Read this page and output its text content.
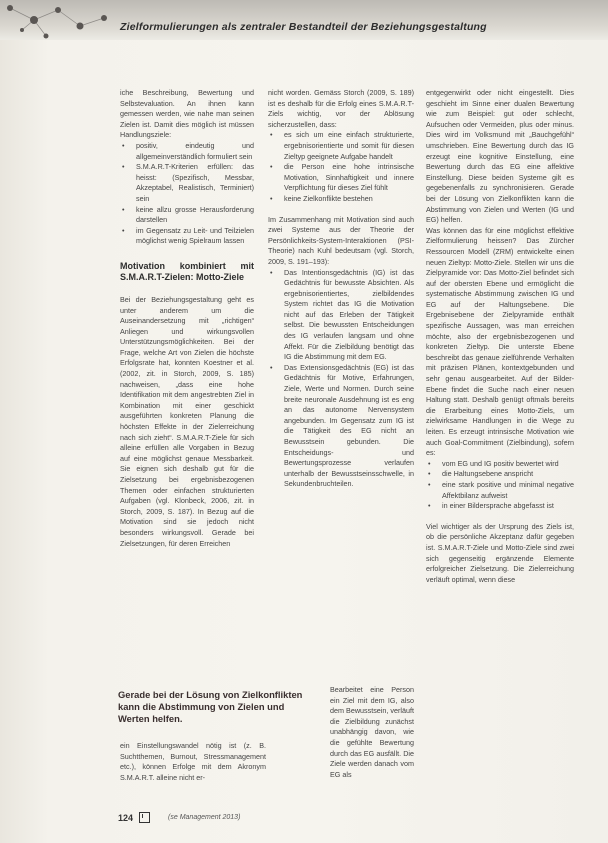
Zielformulierungen als zentraler Bestandteil der Beziehungsgestaltung

iche Beschreibung, Bewertung und Selbstevaluation. An ihnen kann gemessen werden, wie nahe man seinen Zielen ist. Damit dies möglich ist müssen Handlungsziele:

• positiv, eindeutig und allgemeinverständlich formuliert sein
• S.M.A.R.T-Kriterien erfüllen: das heisst: (Spezifisch, Messbar, Akzeptabel, Realistisch, Terminiert) sein
• keine allzu grosse Herausforderung darstellen
• im Gegensatz zu Leit- und Teilzielen möglichst wenig Spielraum lassen
Motivation kombiniert mit S.M.A.R.T-Zielen: Motto-Ziele

Bei der Beziehungsgestaltung geht es unter anderem um die Auseinandersetzung mit „richtigen“ Anliegen und wirkungsvollen Unterstützungsmöglichkeiten. Bei der Frage, welche Art von Zielen die höchste Erfolgsrate hat, konnten Koestner et al. (2002, zit. in Storch, 2009, S. 185) nachweisen, „dass eine hohe Identifikation mit dem angestrebten Ziel in Kombination mit einer geschickt ausgeführten konkreten Planung die höchsten Effekte in der Zielerreichung nach sich zieht“. S.M.A.R.T-Ziele für sich alleine erfüllen alle Vorgaben in Bezug auf eine möglichst genaue Messbarkeit. Sie eignen sich deshalb gut für die Zielsetzung bei ergebnisbezogenen Themen oder einfachen strukturierten Aufgaben (vgl. Klonbeck, 2006, zit. in Storch, 2009, S. 187). In Bezug auf die Motivation sind sie jedoch nicht besonders wirkungsvoll. Gerade bei Zielsetzungen, für deren Erreichen

nicht worden. Gemäss Storch (2009, S. 189) ist es deshalb für die Erfolg eines S.M.A.R.T-Ziels wichtig, vor der Ablösung sicherzustellen, dass:

• es sich um eine einfach strukturierte, ergebnisorientierte und somit für diesen Zieltyp geeignete Aufgabe handelt
• die Person eine hohe intrinsische Motivation, Sinnhaftigkeit und innere Verpflichtung für dieses Ziel fühlt
• keine Zielkonflikte bestehen

Im Zusammenhang mit Motivation sind auch zwei Systeme aus der Theorie der Persönlichkeits-System-Interaktionen (PSI-Theorie) nach Kuhl bedeutsam (vgl. Storch, 2009, S. 191–193):

• Das Intentionsgedächtnis (IG) ist das Gedächtnis für bewusste Absichten. Als ergebnisorientiertes, zielbildendes System richtet das IG die Motivation nicht auf das Erleben der Tätigkeit selbst. Die bewussten Entscheidungen des IG verlaufen langsam und ohne Affekt. Für die Zielbildung benötigt das IG die Abstimmung mit dem EG.
• Das Extensionsgedächtnis (EG) ist das Gedächtnis für Motive, Erfahrungen, Ziele, Werte und Normen. Durch seine breite neuronale Ausdehnung ist es eng an das autonome Nervensystem angebunden. Im Gegensatz zum IG ist die Tätigkeit des EG nicht an Bewusstsein gebunden. Die Entscheidungs- und Bewertungsprozesse verlaufen unterhalb der Bewusstseinsschwelle, in Sekundenbruchteilen.

entgegenwirkt oder nicht eingestellt. Dies geschieht im Sinne einer dualen Bewertung wie zum Beispiel: gut oder schlecht, Aufsuchen oder Vermeiden, plus oder minus. Dies wird im Volksmund mit „Bauchgefühl“ umschrieben. Eine Bewertung durch das IG erzeugt eine kognitive Einstellung, eine Bewertung durch das EG eine affektive Einstellung. Diese beiden Systeme gilt es gegebenenfalls zu synchronisieren. Gerade bei der Lösung von Zielkonflikten kann die Abstimmung von Zielen und Werten (IG und EG) helfen.

Was können das für eine möglichst effektive Zielformulierung heissen? Das Zürcher Ressourcen Modell (ZRM) entwickelte einen neuen Zieltyp: Motto-Ziele. Stellen wir uns die Zielpyramide vor: Das Motto-Ziel befindet sich auf der obersten Ebene und ermöglicht die systematische Abstimmung zwischen IG und EG auf der Haltungsebene. Die Ergebnisebene der Zielpyramide enthält spezifische Aussagen, was man erreichen möchte, also der ergebnisbezogenen und konkreten Zieltyp. Die unterste Ebene beschreibt das genaue zielführende Verhalten mit präzisen Plänen, kontextgebunden und sehr genau ausgearbeitet. Auf der Bilder-Ebene findet die Suche nach einer neuen Haltung statt. Deshalb genügt oftmals bereits die Erarbeitung eines Motto-Ziels, um zielwirksame Handlungen in die Wege zu leiten. Es erzeugt intrinsische Motivation wie auch Goal-Commitment (Zielbindung), sofern es:

• vom EG und IG positiv bewertet wird
• die Haltungsebene anspricht
• eine stark positive und minimal negative Affektbilanz aufweist
• in einer Bildersprache abgefasst ist

Viel wichtiger als der Ursprung des Ziels ist, ob die persönliche Akzeptanz dafür gegeben ist. S.M.A.R.T-Ziele und Motto-Ziele sind zwei sich gegenseitig ergänzende Elemente erfolgreicher Zielsetzung. Die Zielerreichung verläuft optimal, wenn diese

Gerade bei der Lösung von Zielkonflikten kann die Abstimmung von Zielen und Werten helfen.
Bearbeitet eine Person ein Ziel mit dem IG, also dem Bewusstsein, verläuft die Zielbildung zunächst unabhängig davon, wie die gefühlte Bewertung durch das EG ausfällt. Die Ziele werden danach vom EG als
ein Einstellungswandel nötig ist (z. B. Suchtthemen, Burnout, Stressmanagement etc.), können Erfolge mit dem Akronym S.M.A.R.T. alleine nicht er-
124	(se Management 2013)
